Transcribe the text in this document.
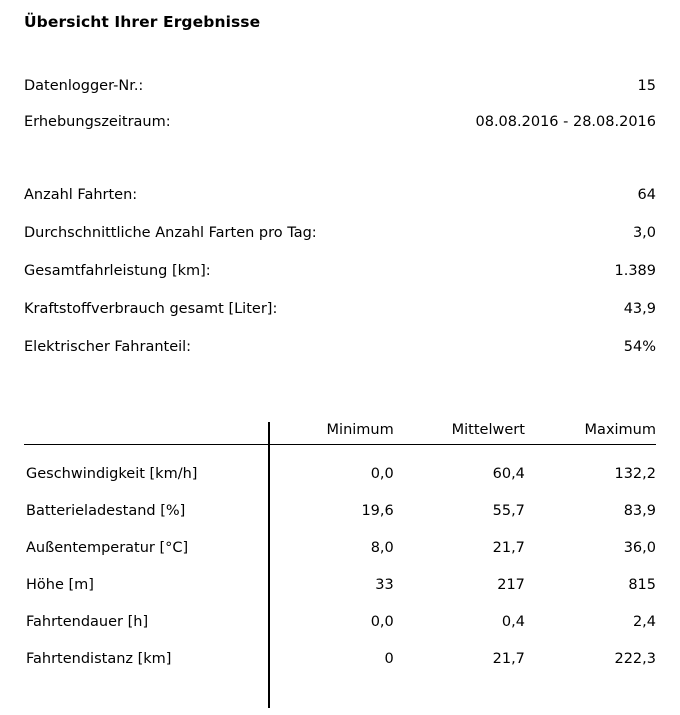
Übersicht Ihrer Ergebnisse
Datenlogger-Nr.:	15
Erhebungszeitraum:	08.08.2016 - 28.08.2016
Anzahl Fahrten:	64
Durchschnittliche Anzahl Farten pro Tag:	3,0
Gesamtfahrleistung [km]:	1.389
Kraftstoffverbrauch gesamt [Liter]:	43,9
Elektrischer Fahranteil:	54%
	Minimum	Mittelwert	Maximum
Geschwindigkeit [km/h]	0,0	60,4	132,2
Batterieladestand [%]	19,6	55,7	83,9
Außentemperatur [°C]	8,0	21,7	36,0
Höhe [m]	33	217	815
Fahrtendauer [h]	0,0	0,4	2,4
Fahrtendistanz [km]	0	21,7	222,3
